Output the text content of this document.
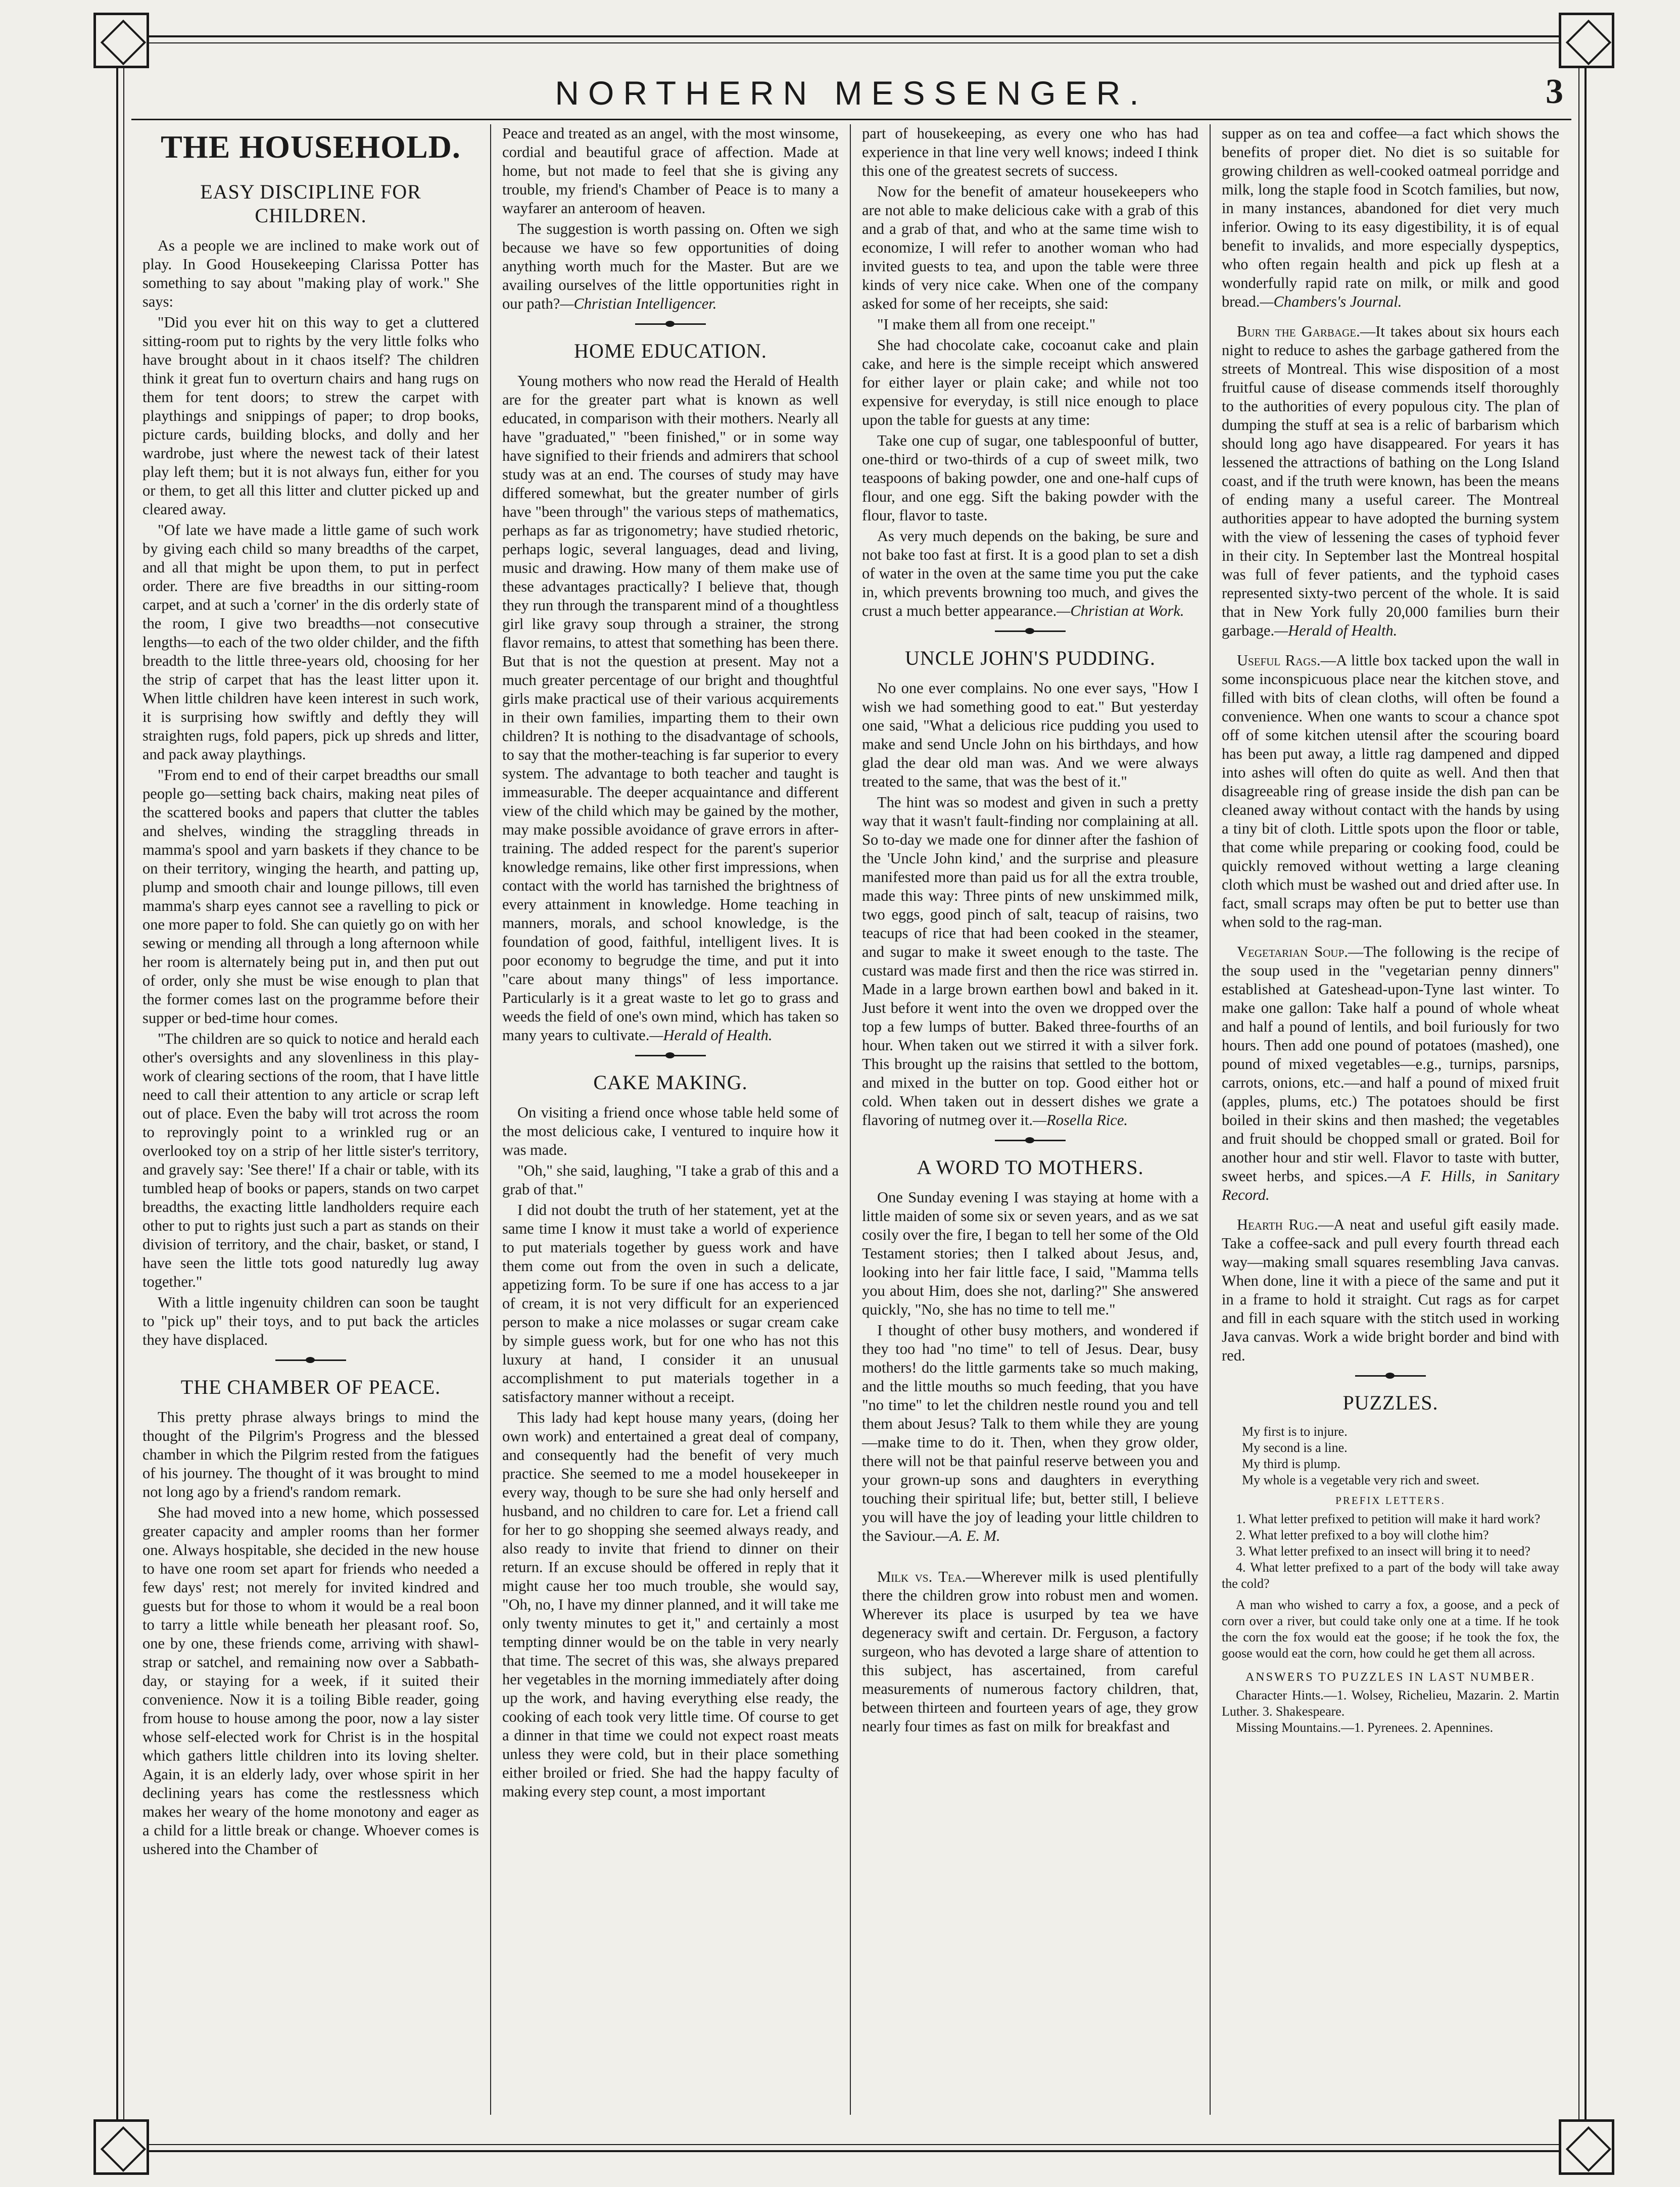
NORTHERN MESSENGER.	3
THE HOUSEHOLD.
EASY DISCIPLINE FOR CHILDREN.

As a people we are inclined to make work out of play. In Good Housekeeping Clarissa Potter has something to say about "making play of work." She says:

"Did you ever hit on this way to get a cluttered sitting-room put to rights by the very little folks who have brought about in it chaos itself? The children think it great fun to overturn chairs and hang rugs on them for tent doors; to strew the carpet with playthings and snippings of paper; to drop books, picture cards, building blocks, and dolly and her wardrobe, just where the newest tack of their latest play left them; but it is not always fun, either for you or them, to get all this litter and clutter picked up and cleared away.

"Of late we have made a little game of such work by giving each child so many breadths of the carpet, and all that might be upon them, to put in perfect order. There are five breadths in our sitting-room carpet, and at such a 'corner' in the dis orderly state of the room, I give two breadths—not consecutive lengths—to each of the two older childer, and the fifth breadth to the little three-years old, choosing for her the strip of carpet that has the least litter upon it. When little children have keen interest in such work, it is surprising how swiftly and deftly they will straighten rugs, fold papers, pick up shreds and litter, and pack away playthings.

"From end to end of their carpet breadths our small people go—setting back chairs, making neat piles of the scattered books and papers that clutter the tables and shelves, winding the straggling threads in mamma's spool and yarn baskets if they chance to be on their territory, winging the hearth, and patting up, plump and smooth chair and lounge pillows, till even mamma's sharp eyes cannot see a ravelling to pick or one more paper to fold. She can quietly go on with her sewing or mending all through a long afternoon while her room is alternately being put in, and then put out of order, only she must be wise enough to plan that the former comes last on the programme before their supper or bed-time hour comes.

"The children are so quick to notice and herald each other's oversights and any slovenliness in this play-work of clearing sections of the room, that I have little need to call their attention to any article or scrap left out of place. Even the baby will trot across the room to reprovingly point to a wrinkled rug or an overlooked toy on a strip of her little sister's territory, and gravely say: 'See there!' If a chair or table, with its tumbled heap of books or papers, stands on two carpet breadths, the exacting little landholders require each other to put to rights just such a part as stands on their division of territory, and the chair, basket, or stand, I have seen the little tots good naturedly lug away together."

With a little ingenuity children can soon be taught to "pick up" their toys, and to put back the articles they have displaced.

THE CHAMBER OF PEACE.

This pretty phrase always brings to mind the thought of the Pilgrim's Progress and the blessed chamber in which the Pilgrim rested from the fatigues of his journey. The thought of it was brought to mind not long ago by a friend's random remark.

She had moved into a new home, which possessed greater capacity and ampler rooms than her former one. Always hospitable, she decided in the new house to have one room set apart for friends who needed a few days' rest; not merely for invited kindred and guests but for those to whom it would be a real boon to tarry a little while beneath her pleasant roof. So, one by one, these friends come, arriving with shawl-strap or satchel, and remaining now over a Sabbath-day, or staying for a week, if it suited their convenience. Now it is a toiling Bible reader, going from house to house among the poor, now a lay sister whose self-elected work for Christ is in the hospital which gathers little children into its loving shelter. Again, it is an elderly lady, over whose spirit in her declining years has come the restlessness which makes her weary of the home monotony and eager as a child for a little break or change. Whoever comes is ushered into the Chamber of

Peace and treated as an angel, with the most winsome, cordial and beautiful grace of affection. Made at home, but not made to feel that she is giving any trouble, my friend's Chamber of Peace is to many a wayfarer an anteroom of heaven.

The suggestion is worth passing on. Often we sigh because we have so few opportunities of doing anything worth much for the Master. But are we availing ourselves of the little opportunities right in our path?—Christian Intelligencer.

HOME EDUCATION.

Young mothers who now read the Herald of Health are for the greater part what is known as well educated, in comparison with their mothers. Nearly all have "graduated," "been finished," or in some way have signified to their friends and admirers that school study was at an end. The courses of study may have differed somewhat, but the greater number of girls have "been through" the various steps of mathematics, perhaps as far as trigonometry; have studied rhetoric, perhaps logic, several languages, dead and living, music and drawing. How many of them make use of these advantages practically? I believe that, though they run through the transparent mind of a thoughtless girl like gravy soup through a strainer, the strong flavor remains, to attest that something has been there. But that is not the question at present. May not a much greater percentage of our bright and thoughtful girls make practical use of their various acquirements in their own families, imparting them to their own children? It is nothing to the disadvantage of schools, to say that the mother-teaching is far superior to every system. The advantage to both teacher and taught is immeasurable. The deeper acquaintance and different view of the child which may be gained by the mother, may make possible avoidance of grave errors in after-training. The added respect for the parent's superior knowledge remains, like other first impressions, when contact with the world has tarnished the brightness of every attainment in knowledge. Home teaching in manners, morals, and school knowledge, is the foundation of good, faithful, intelligent lives. It is poor economy to begrudge the time, and put it into "care about many things" of less importance. Particularly is it a great waste to let go to grass and weeds the field of one's own mind, which has taken so many years to cultivate.—Herald of Health.

CAKE MAKING.

On visiting a friend once whose table held some of the most delicious cake, I ventured to inquire how it was made.

"Oh," she said, laughing, "I take a grab of this and a grab of that."

I did not doubt the truth of her statement, yet at the same time I know it must take a world of experience to put materials together by guess work and have them come out from the oven in such a delicate, appetizing form. To be sure if one has access to a jar of cream, it is not very difficult for an experienced person to make a nice molasses or sugar cream cake by simple guess work, but for one who has not this luxury at hand, I consider it an unusual accomplishment to put materials together in a satisfactory manner without a receipt.

This lady had kept house many years, (doing her own work) and entertained a great deal of company, and consequently had the benefit of very much practice. She seemed to me a model housekeeper in every way, though to be sure she had only herself and husband, and no children to care for. Let a friend call for her to go shopping she seemed always ready, and also ready to invite that friend to dinner on their return. If an excuse should be offered in reply that it might cause her too much trouble, she would say, "Oh, no, I have my dinner planned, and it will take me only twenty minutes to get it," and certainly a most tempting dinner would be on the table in very nearly that time. The secret of this was, she always prepared her vegetables in the morning immediately after doing up the work, and having everything else ready, the cooking of each took very little time. Of course to get a dinner in that time we could not expect roast meats unless they were cold, but in their place something either broiled or fried. She had the happy faculty of making every step count, a most important

part of housekeeping, as every one who has had experience in that line very well knows; indeed I think this one of the greatest secrets of success.

Now for the benefit of amateur housekeepers who are not able to make delicious cake with a grab of this and a grab of that, and who at the same time wish to economize, I will refer to another woman who had invited guests to tea, and upon the table were three kinds of very nice cake. When one of the company asked for some of her receipts, she said:

"I make them all from one receipt."

She had chocolate cake, cocoanut cake and plain cake, and here is the simple receipt which answered for either layer or plain cake; and while not too expensive for everyday, is still nice enough to place upon the table for guests at any time:

Take one cup of sugar, one tablespoonful of butter, one-third or two-thirds of a cup of sweet milk, two teaspoons of baking powder, one and one-half cups of flour, and one egg. Sift the baking powder with the flour, flavor to taste.

As very much depends on the baking, be sure and not bake too fast at first. It is a good plan to set a dish of water in the oven at the same time you put the cake in, which prevents browning too much, and gives the crust a much better appearance.—Christian at Work.

UNCLE JOHN'S PUDDING.

No one ever complains. No one ever says, "How I wish we had something good to eat." But yesterday one said, "What a delicious rice pudding you used to make and send Uncle John on his birthdays, and how glad the dear old man was. And we were always treated to the same, that was the best of it."

The hint was so modest and given in such a pretty way that it wasn't fault-finding nor complaining at all. So to-day we made one for dinner after the fashion of the 'Uncle John kind,' and the surprise and pleasure manifested more than paid us for all the extra trouble, made this way: Three pints of new unskimmed milk, two eggs, good pinch of salt, teacup of raisins, two teacups of rice that had been cooked in the steamer, and sugar to make it sweet enough to the taste. The custard was made first and then the rice was stirred in. Made in a large brown earthen bowl and baked in it. Just before it went into the oven we dropped over the top a few lumps of butter. Baked three-fourths of an hour. When taken out we stirred it with a silver fork. This brought up the raisins that settled to the bottom, and mixed in the butter on top. Good either hot or cold. When taken out in dessert dishes we grate a flavoring of nutmeg over it.—Rosella Rice.

A WORD TO MOTHERS.

One Sunday evening I was staying at home with a little maiden of some six or seven years, and as we sat cosily over the fire, I began to tell her some of the Old Testament stories; then I talked about Jesus, and, looking into her fair little face, I said, "Mamma tells you about Him, does she not, darling?" She answered quickly, "No, she has no time to tell me."

I thought of other busy mothers, and wondered if they too had "no time" to tell of Jesus. Dear, busy mothers! do the little garments take so much making, and the little mouths so much feeding, that you have "no time" to let the children nestle round you and tell them about Jesus? Talk to them while they are young—make time to do it. Then, when they grow older, there will not be that painful reserve between you and your grown-up sons and daughters in everything touching their spiritual life; but, better still, I believe you will have the joy of leading your little children to the Saviour.—A. E. M.

Milk vs. Tea.—Wherever milk is used plentifully there the children grow into robust men and women. Wherever its place is usurped by tea we have degeneracy swift and certain. Dr. Ferguson, a factory surgeon, who has devoted a large share of attention to this subject, has ascertained, from careful measurements of numerous factory children, that, between thirteen and fourteen years of age, they grow nearly four times as fast on milk for breakfast and

supper as on tea and coffee—a fact which shows the benefits of proper diet. No diet is so suitable for growing children as well-cooked oatmeal porridge and milk, long the staple food in Scotch families, but now, in many instances, abandoned for diet very much inferior. Owing to its easy digestibility, it is of equal benefit to invalids, and more especially dyspeptics, who often regain health and pick up flesh at a wonderfully rapid rate on milk, or milk and good bread.—Chambers's Journal.

Burn the Garbage.—It takes about six hours each night to reduce to ashes the garbage gathered from the streets of Montreal. This wise disposition of a most fruitful cause of disease commends itself thoroughly to the authorities of every populous city. The plan of dumping the stuff at sea is a relic of barbarism which should long ago have disappeared. For years it has lessened the attractions of bathing on the Long Island coast, and if the truth were known, has been the means of ending many a useful career. The Montreal authorities appear to have adopted the burning system with the view of lessening the cases of typhoid fever in their city. In September last the Montreal hospital was full of fever patients, and the typhoid cases represented sixty-two percent of the whole. It is said that in New York fully 20,000 families burn their garbage.—Herald of Health.

Useful Rags.—A little box tacked upon the wall in some inconspicuous place near the kitchen stove, and filled with bits of clean cloths, will often be found a convenience. When one wants to scour a chance spot off of some kitchen utensil after the scouring board has been put away, a little rag dampened and dipped into ashes will often do quite as well. And then that disagreeable ring of grease inside the dish pan can be cleaned away without contact with the hands by using a tiny bit of cloth. Little spots upon the floor or table, that come while preparing or cooking food, could be quickly removed without wetting a large cleaning cloth which must be washed out and dried after use. In fact, small scraps may often be put to better use than when sold to the rag-man.

Vegetarian Soup.—The following is the recipe of the soup used in the "vegetarian penny dinners" established at Gateshead-upon-Tyne last winter. To make one gallon: Take half a pound of whole wheat and half a pound of lentils, and boil furiously for two hours. Then add one pound of potatoes (mashed), one pound of mixed vegetables—e.g., turnips, parsnips, carrots, onions, etc.—and half a pound of mixed fruit (apples, plums, etc.) The potatoes should be first boiled in their skins and then mashed; the vegetables and fruit should be chopped small or grated. Boil for another hour and stir well. Flavor to taste with butter, sweet herbs, and spices.—A F. Hills, in Sanitary Record.

Hearth Rug.—A neat and useful gift easily made. Take a coffee-sack and pull every fourth thread each way—making small squares resembling Java canvas. When done, line it with a piece of the same and put it in a frame to hold it straight. Cut rags as for carpet and fill in each square with the stitch used in working Java canvas. Work a wide bright border and bind with red.

PUZZLES.
My first is to injure.
My second is a line.
My third is plump.
My whole is a vegetable very rich and sweet.
PREFIX LETTERS.

1. What letter prefixed to petition will make it hard work?

2. What letter prefixed to a boy will clothe him?

3. What letter prefixed to an insect will bring it to need?

4. What letter prefixed to a part of the body will take away the cold?

A man who wished to carry a fox, a goose, and a peck of corn over a river, but could take only one at a time. If he took the corn the fox would eat the goose; if he took the fox, the goose would eat the corn, how could he get them all across.

ANSWERS TO PUZZLES IN LAST NUMBER.

Character Hints.—1. Wolsey, Richelieu, Mazarin. 2. Martin Luther. 3. Shakespeare.

Missing Mountains.—1. Pyrenees. 2. Apennines.
